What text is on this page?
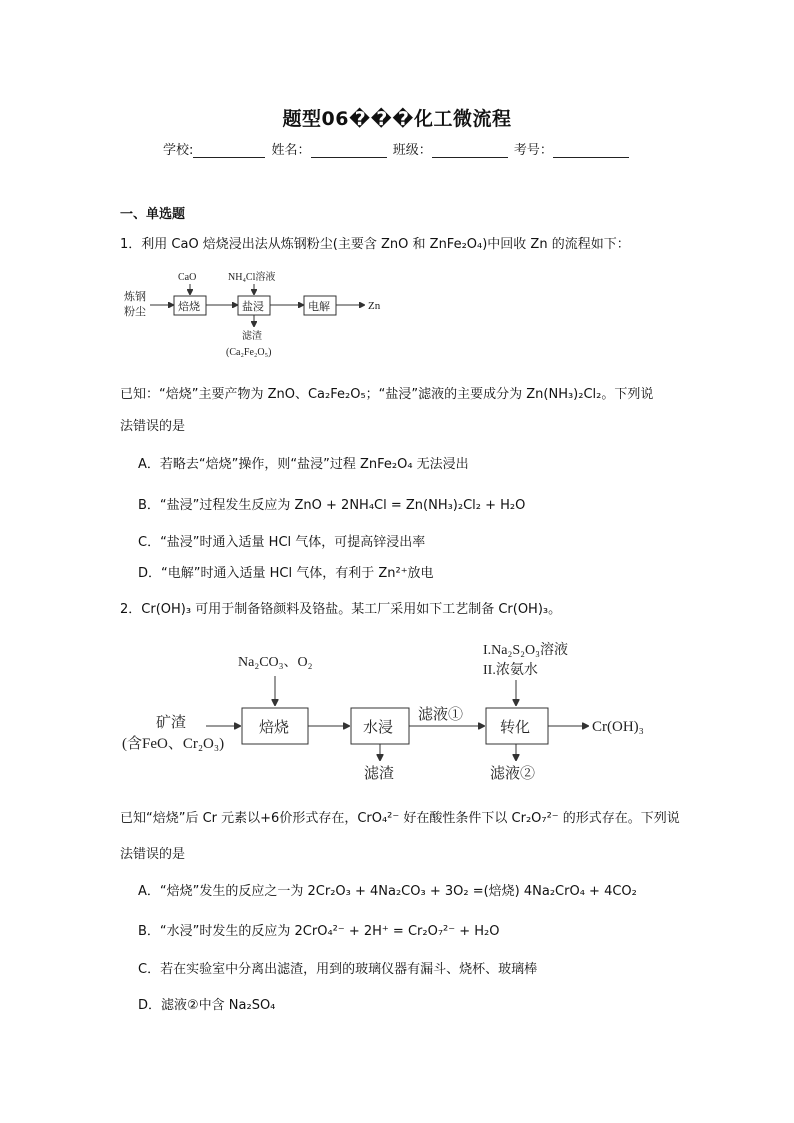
题型06���化工微流程
学校:	姓名：	班级：	考号：
一、单选题
1．利用 CaO 焙烧浸出法从炼钢粉尘(主要含 ZnO 和 ZnFe₂O₄)中回收 Zn 的流程如下：
炼钢
粉尘	焙烧
CaO
盐浸
NH₄Cl溶液
电解	Zn
滤渣
(Ca₂Fe₂O₅)
已知：“焙烧”主要产物为 ZnO、Ca₂Fe₂O₅；“盐浸”滤液的主要成分为 Zn(NH₃)₂Cl₂。下列说
法错误的是
A．若略去“焙烧”操作，则“盐浸”过程 ZnFe₂O₄ 无法浸出
B．“盐浸”过程发生反应为 ZnO + 2NH₄Cl = Zn(NH₃)₂Cl₂ + H₂O
C．“盐浸”时通入适量 HCl 气体，可提高锌浸出率
D．“电解”时通入适量 HCl 气体，有利于 Zn²⁺放电
2．Cr(OH)₃ 可用于制备铬颜料及铬盐。某工厂采用如下工艺制备 Cr(OH)₃。
矿渣
(含FeO、Cr₂O₃)
焙烧
Na₂CO₃、O₂
水浸
滤渣
滤液①
转化
I.Na₂S₂O₃溶液
II.浓氨水
滤液②
Cr(OH)₃
已知“焙烧”后 Cr 元素以+6价形式存在，CrO₄²⁻ 好在酸性条件下以 Cr₂O₇²⁻ 的形式存在。下列说
法错误的是
A．“焙烧”发生的反应之一为 2Cr₂O₃ + 4Na₂CO₃ + 3O₂ =(焙烧) 4Na₂CrO₄ + 4CO₂
B．“水浸”时发生的反应为 2CrO₄²⁻ + 2H⁺ = Cr₂O₇²⁻ + H₂O
C．若在实验室中分离出滤渣，用到的玻璃仪器有漏斗、烧杯、玻璃棒
D．滤液②中含 Na₂SO₄
